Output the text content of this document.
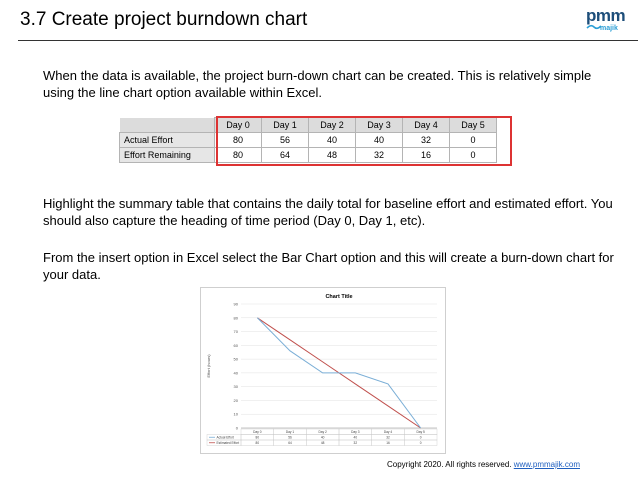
3.7 Create project burndown chart	pmm
majik
When the data is available, the project burn-down chart can be created. This is relatively simple using the line chart option available within Excel.
	Day 0	Day 1	Day 2	Day 3	Day 4	Day 5
Actual Effort	80	56	40	40	32	0
Effort Remaining	80	64	48	32	16	0
Highlight the summary table that contains the daily total for baseline effort and estimated effort. You should also capture the heading of time period (Day 0, Day 1, etc).
From the insert option in Excel select the Bar Chart option and this will create a burn-down chart for your data.
Chart Title
0
10
20
30
40
50
60
70
80
90
Effort (hours)
Day 0	Day 1	Day 2	Day 3	Day 4	Day 5
Actual Effort	80	56	40	40	32	0
Estimated Effort	80	64	48	32	16	0
Copyright 2020. All rights reserved. www.pmmajik.com
